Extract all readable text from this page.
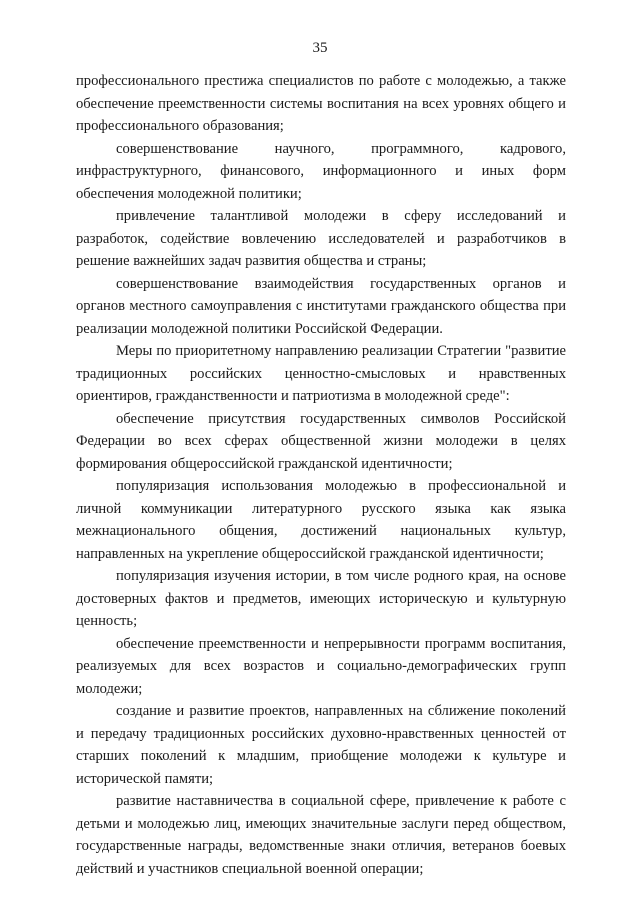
35

профессионального престижа специалистов по работе с молодежью, а также обеспечение преемственности системы воспитания на всех уровнях общего и профессионального образования;

совершенствование научного, программного, кадрового, инфраструктурного, финансового, информационного и иных форм обеспечения молодежной политики;

привлечение талантливой молодежи в сферу исследований и разработок, содействие вовлечению исследователей и разработчиков в решение важнейших задач развития общества и страны;

совершенствование взаимодействия государственных органов и органов местного самоуправления с институтами гражданского общества при реализации молодежной политики Российской Федерации.

Меры по приоритетному направлению реализации Стратегии "развитие традиционных российских ценностно-смысловых и нравственных ориентиров, гражданственности и патриотизма в молодежной среде":

обеспечение присутствия государственных символов Российской Федерации во всех сферах общественной жизни молодежи в целях формирования общероссийской гражданской идентичности;

популяризация использования молодежью в профессиональной и личной коммуникации литературного русского языка как языка межнационального общения, достижений национальных культур, направленных на укрепление общероссийской гражданской идентичности;

популяризация изучения истории, в том числе родного края, на основе достоверных фактов и предметов, имеющих историческую и культурную ценность;

обеспечение преемственности и непрерывности программ воспитания, реализуемых для всех возрастов и социально-демографических групп молодежи;

создание и развитие проектов, направленных на сближение поколений и передачу традиционных российских духовно-нравственных ценностей от старших поколений к младшим, приобщение молодежи к культуре и исторической памяти;

развитие наставничества в социальной сфере, привлечение к работе с детьми и молодежью лиц, имеющих значительные заслуги перед обществом, государственные награды, ведомственные знаки отличия, ветеранов боевых действий и участников специальной военной операции;
